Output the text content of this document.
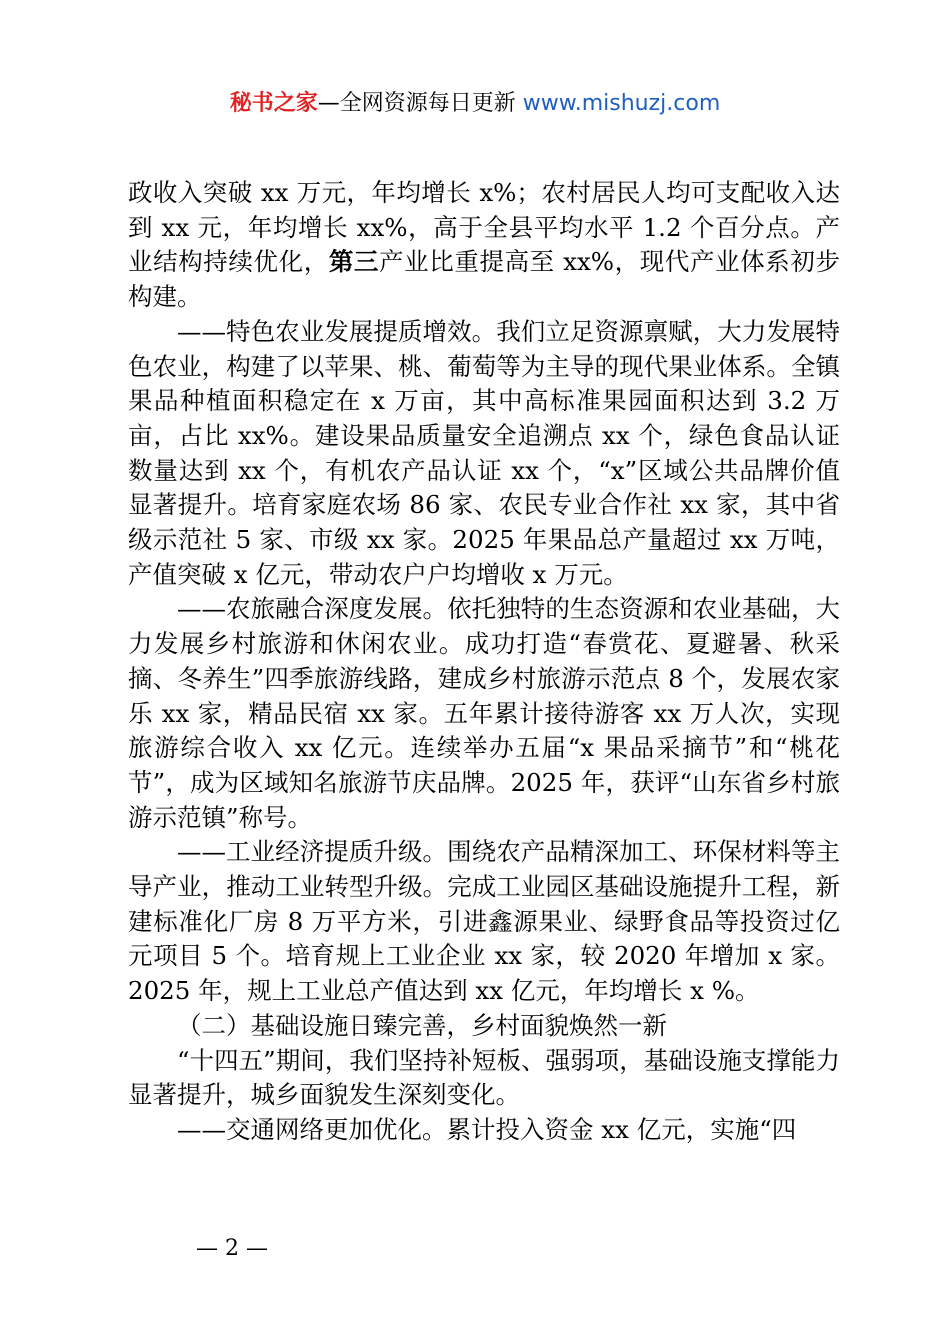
秘书之家—全网资源每日更新 www.mishuzj.com

政收入突破 xx 万元，年均增长 x%；农村居民人均可支配收入达到 xx 元，年均增长 xx%，高于全县平均水平 1.2 个百分点。产业结构持续优化，第三产业比重提高至 xx%，现代产业体系初步构建。

——特色农业发展提质增效。我们立足资源禀赋，大力发展特色农业，构建了以苹果、桃、葡萄等为主导的现代果业体系。全镇果品种植面积稳定在 x 万亩，其中高标准果园面积达到 3.2 万亩，占比 xx%。建设果品质量安全追溯点 xx 个，绿色食品认证数量达到 xx 个，有机农产品认证 xx 个，“x”区域公共品牌价值显著提升。培育家庭农场 86 家、农民专业合作社 xx 家，其中省级示范社 5 家、市级 xx 家。2025 年果品总产量超过 xx 万吨，产值突破 x 亿元，带动农户户均增收 x 万元。

——农旅融合深度发展。依托独特的生态资源和农业基础，大力发展乡村旅游和休闲农业。成功打造“春赏花、夏避暑、秋采摘、冬养生”四季旅游线路，建成乡村旅游示范点 8 个，发展农家乐 xx 家，精品民宿 xx 家。五年累计接待游客 xx 万人次，实现旅游综合收入 xx 亿元。连续举办五届“x 果品采摘节”和“桃花节”，成为区域知名旅游节庆品牌。2025 年，获评“山东省乡村旅游示范镇”称号。

——工业经济提质升级。围绕农产品精深加工、环保材料等主导产业，推动工业转型升级。完成工业园区基础设施提升工程，新建标准化厂房 8 万平方米，引进鑫源果业、绿野食品等投资过亿元项目 5 个。培育规上工业企业 xx 家，较 2020 年增加 x 家。2025 年，规上工业总产值达到 xx 亿元，年均增长 x %。

（二）基础设施日臻完善，乡村面貌焕然一新

“十四五”期间，我们坚持补短板、强弱项，基础设施支撑能力显著提升，城乡面貌发生深刻变化。

——交通网络更加优化。累计投入资金 xx 亿元，实施“四

— 2 —
